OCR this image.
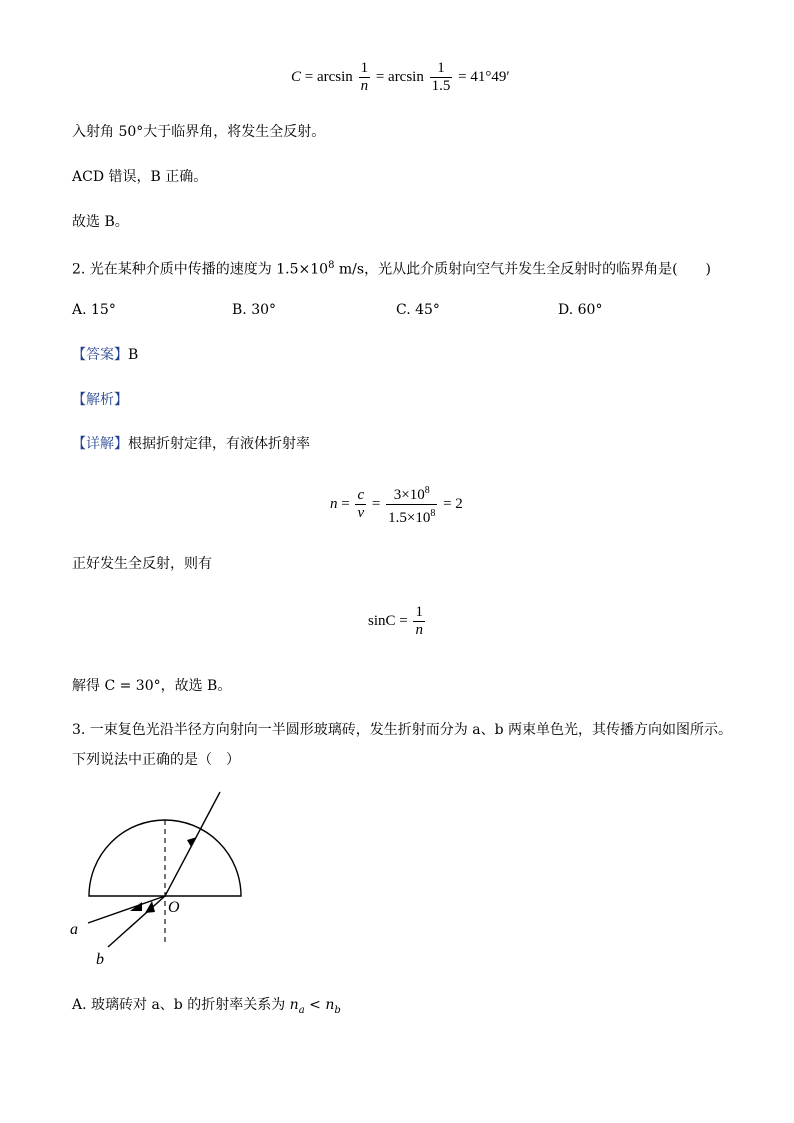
$C = \arcsin \frac{1}{n} = \arcsin \frac{1}{1.5} = 41^\circ 49'$
入射角 50°大于临界角，将发生全反射。
ACD 错误，B 正确。
故选 B。
2. 光在某种介质中传播的速度为 $1.5\times 10^8$ m/s，光从此介质射向空气并发生全反射时的临界角是(　　)
A. 15°	B. 30°	C. 45°	D. 60°
【答案】B
【解析】
【详解】根据折射定律，有液体折射率
$n = \frac{c}{v} = \frac{3\times 10^8}{1.5\times 10^8} = 2$
正好发生全反射，则有
$\sin C = \frac{1}{n}$
解得 C = 30°，故选 B。
3. 一束复色光沿半径方向射向一半圆形玻璃砖，发生折射而分为 a、b 两束单色光，其传播方向如图所示。
下列说法中正确的是（　）
O
a
b
A. 玻璃砖对 a、b 的折射率关系为 $n_a < n_b$
